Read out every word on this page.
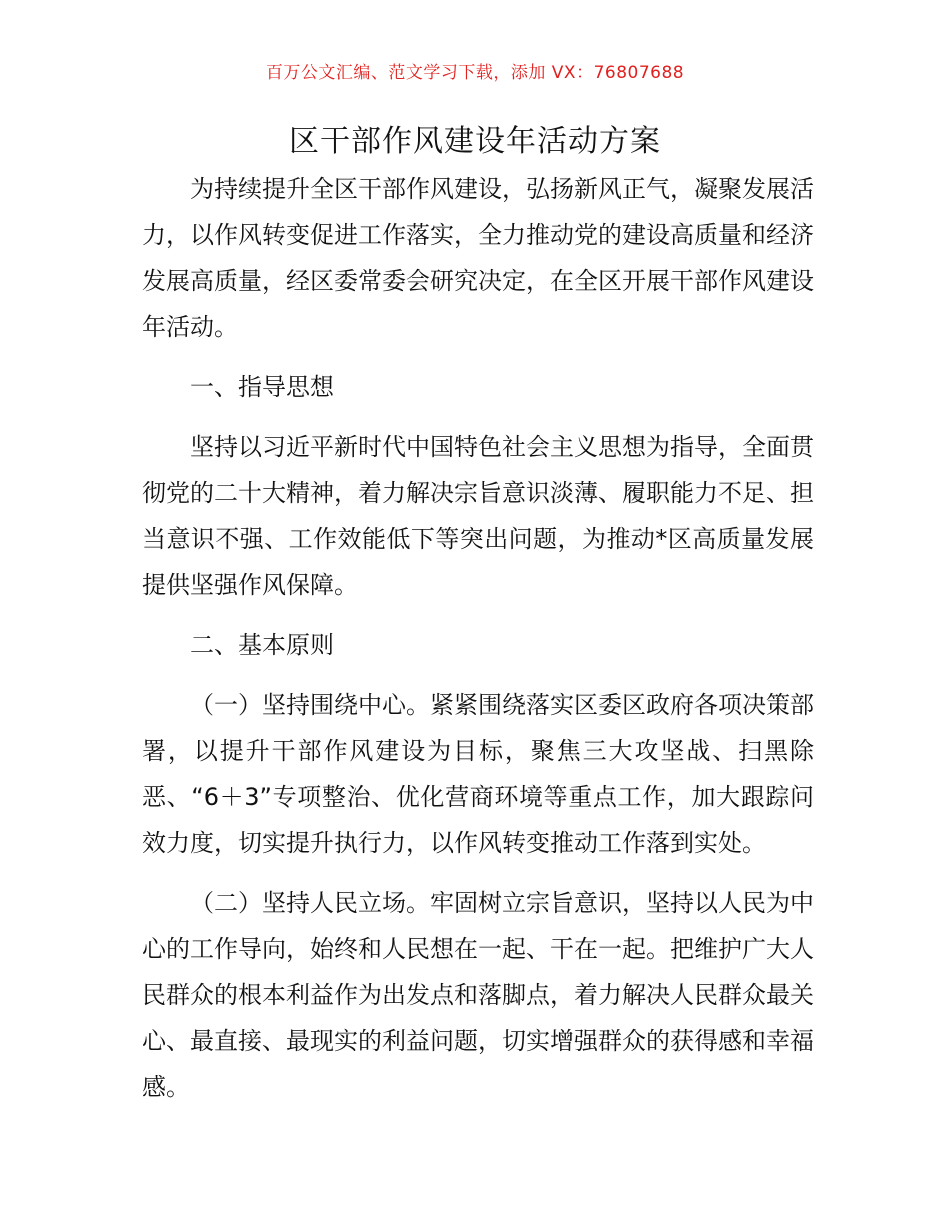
百万公文汇编、范文学习下载，添加 VX：76807688
区干部作风建设年活动方案

为持续提升全区干部作风建设，弘扬新风正气，凝聚发展活力，以作风转变促进工作落实，全力推动党的建设高质量和经济发展高质量，经区委常委会研究决定，在全区开展干部作风建设年活动。

一、指导思想

坚持以习近平新时代中国特色社会主义思想为指导，全面贯彻党的二十大精神，着力解决宗旨意识淡薄、履职能力不足、担当意识不强、工作效能低下等突出问题，为推动*区高质量发展提供坚强作风保障。

二、基本原则

（一）坚持围绕中心。紧紧围绕落实区委区政府各项决策部署，以提升干部作风建设为目标，聚焦三大攻坚战、扫黑除恶、“6＋3”专项整治、优化营商环境等重点工作，加大跟踪问效力度，切实提升执行力，以作风转变推动工作落到实处。

（二）坚持人民立场。牢固树立宗旨意识，坚持以人民为中心的工作导向，始终和人民想在一起、干在一起。把维护广大人民群众的根本利益作为出发点和落脚点，着力解决人民群众最关心、最直接、最现实的利益问题，切实增强群众的获得感和幸福感。
